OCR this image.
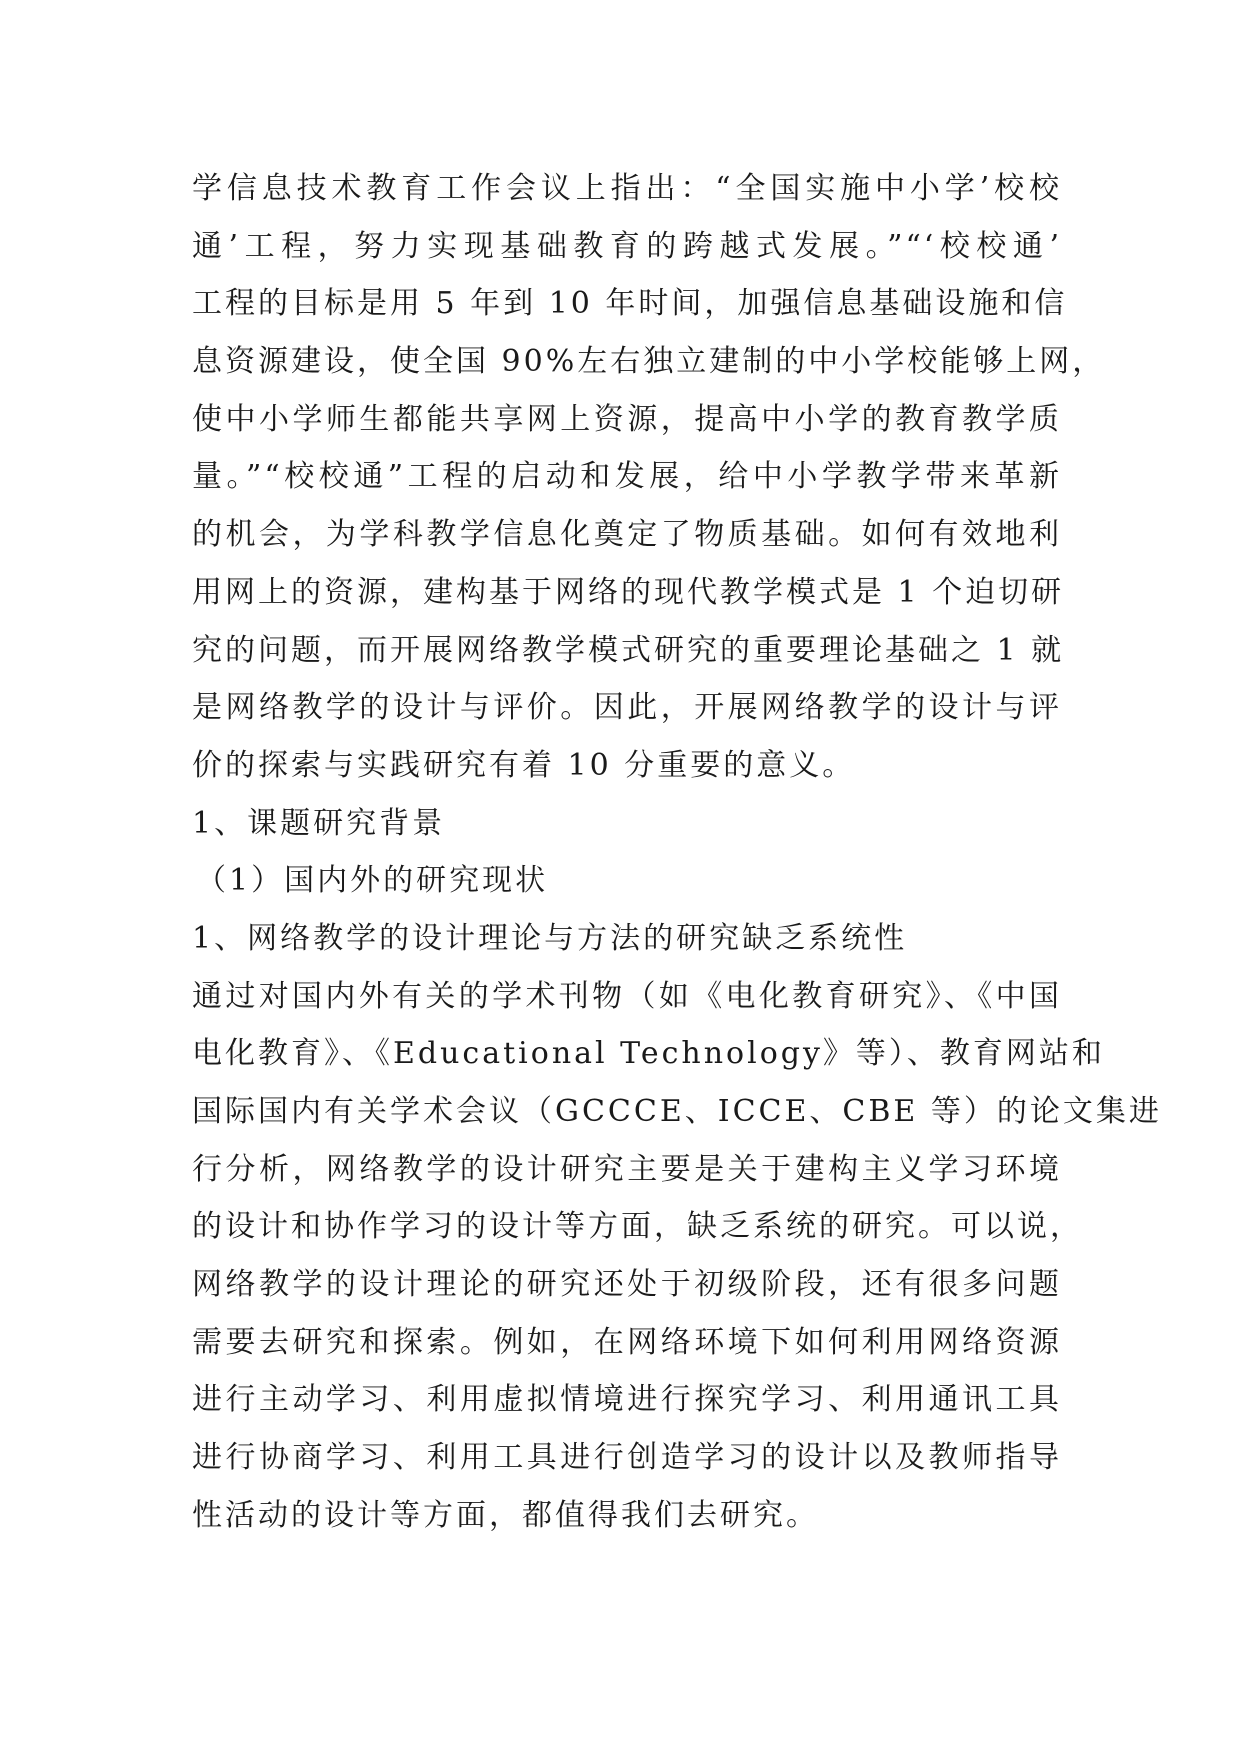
学信息技术教育工作会议上指出：“全国实施中小学’校校
通’工程，努力实现基础教育的跨越式发展。”“‘校校通’
工程的目标是用 5 年到 10 年时间，加强信息基础设施和信
息资源建设，使全国 90%左右独立建制的中小学校能够上网，
使中小学师生都能共享网上资源，提高中小学的教育教学质
量。”“校校通”工程的启动和发展，给中小学教学带来革新
的机会，为学科教学信息化奠定了物质基础。如何有效地利
用网上的资源，建构基于网络的现代教学模式是 1 个迫切研
究的问题，而开展网络教学模式研究的重要理论基础之 1 就
是网络教学的设计与评价。因此，开展网络教学的设计与评
价的探索与实践研究有着 10 分重要的意义。
1、课题研究背景
（1）国内外的研究现状
1、网络教学的设计理论与方法的研究缺乏系统性
通过对国内外有关的学术刊物（如《电化教育研究》、《中国
电化教育》、《Educational Technology》等）、教育网站和
国际国内有关学术会议（GCCCE、ICCE、CBE 等）的论文集进
行分析，网络教学的设计研究主要是关于建构主义学习环境
的设计和协作学习的设计等方面，缺乏系统的研究。可以说，
网络教学的设计理论的研究还处于初级阶段，还有很多问题
需要去研究和探索。例如，在网络环境下如何利用网络资源
进行主动学习、利用虚拟情境进行探究学习、利用通讯工具
进行协商学习、利用工具进行创造学习的设计以及教师指导
性活动的设计等方面，都值得我们去研究。
